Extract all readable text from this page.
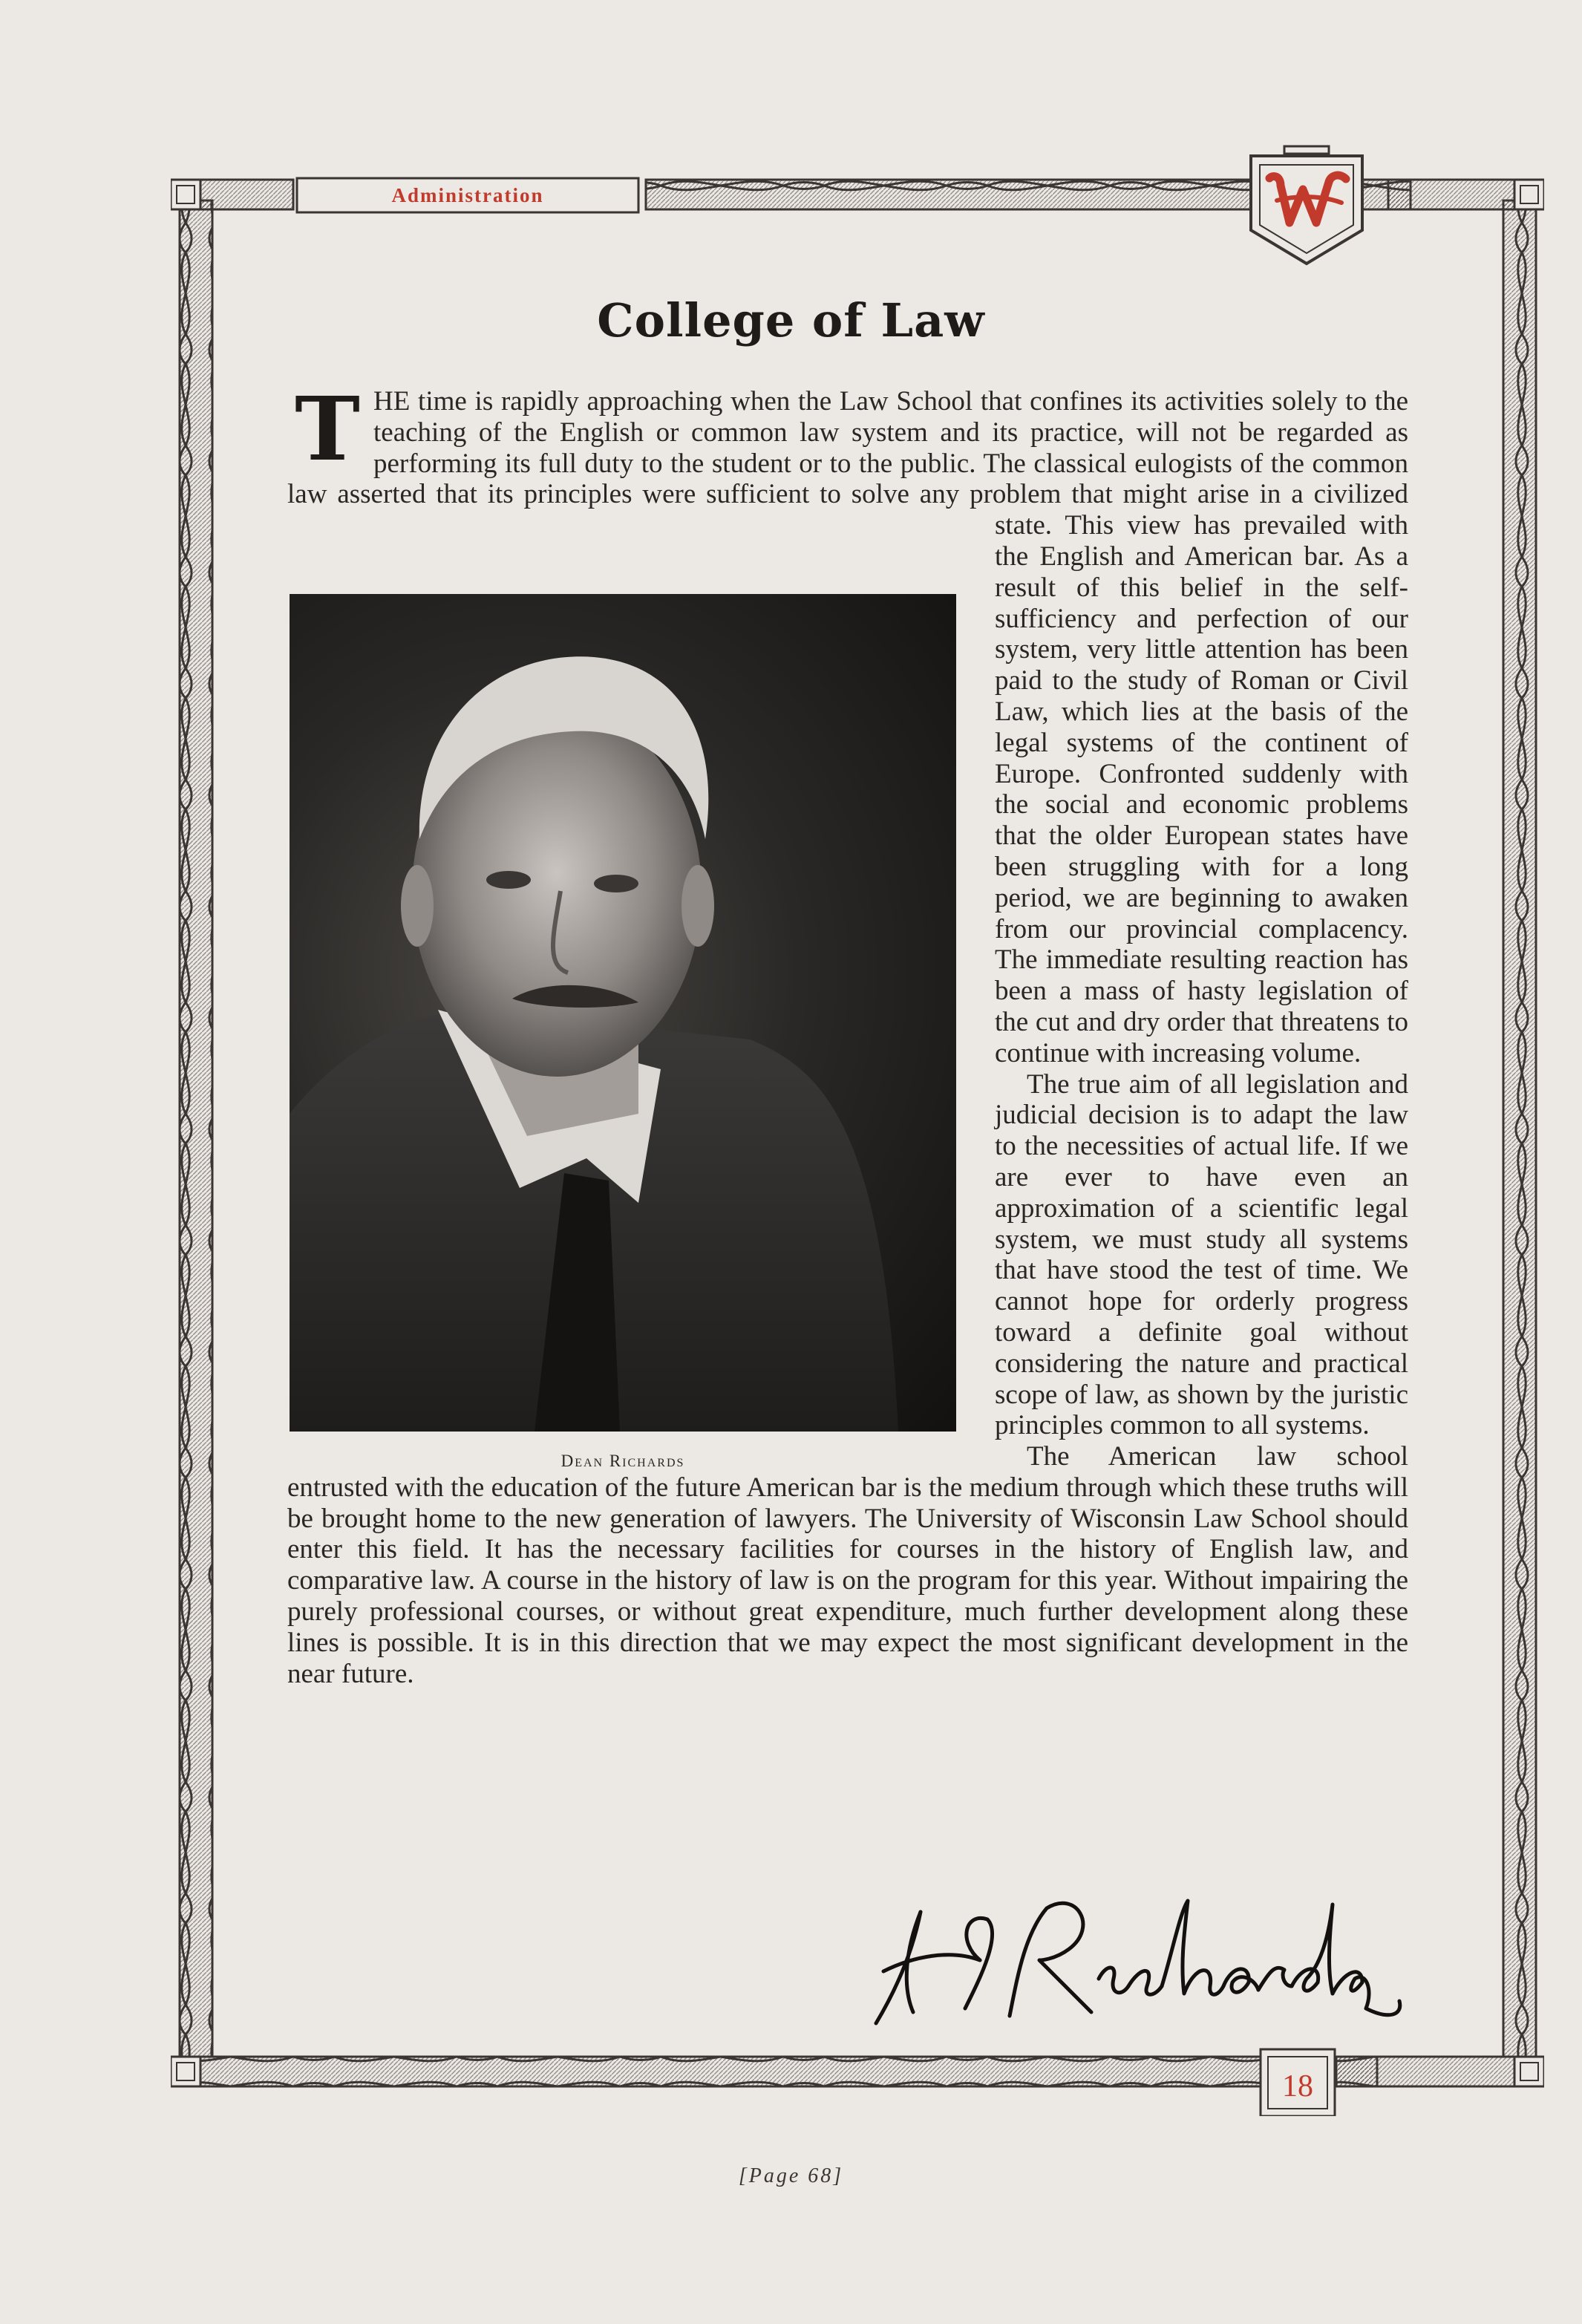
Administration
18
College of Law
T HE time is rapidly approaching when the Law School that confines its activities solely to the teaching of the English or common law system and its practice, will not be regarded as performing its full duty to the student or to the public. The classical eulogists of the common law asserted that its principles were sufficient to solve any problem that might arise in a civilized

state. This view has prevailed with the English and American bar. As a result of this belief in the self-sufficiency and perfection of our system, very little attention has been paid to the study of Roman or Civil Law, which lies at the basis of the legal systems of the continent of Europe. Confronted suddenly with the social and economic problems that the older European states have been struggling with for a long period, we are beginning to awaken from our provincial complacency. The immediate resulting reaction has been a mass of hasty legislation of the cut and dry order that threatens to continue with increasing volume.

The true aim of all legislation and judicial decision is to adapt the law to the necessities of actual life. If we are ever to have even an approximation of a scientific legal system, we must study all systems that have stood the test of time. We cannot hope for orderly progress toward a definite goal without considering the nature and practical scope of law, as shown by the juristic principles common to all systems.

The American law school entrusted with the education of the future American bar is the medium through which these truths will be brought home to the new generation of lawyers. The University of Wisconsin Law School should enter this field. It has the necessary facilities for courses in the history of English law, and comparative law. A course in the history of law is on the program for this year. Without impairing the purely professional courses, or without great expenditure, much further development along these lines is possible. It is in this direction that we may expect the most significant development in the near future.

Dean Richards
[Page 68]
